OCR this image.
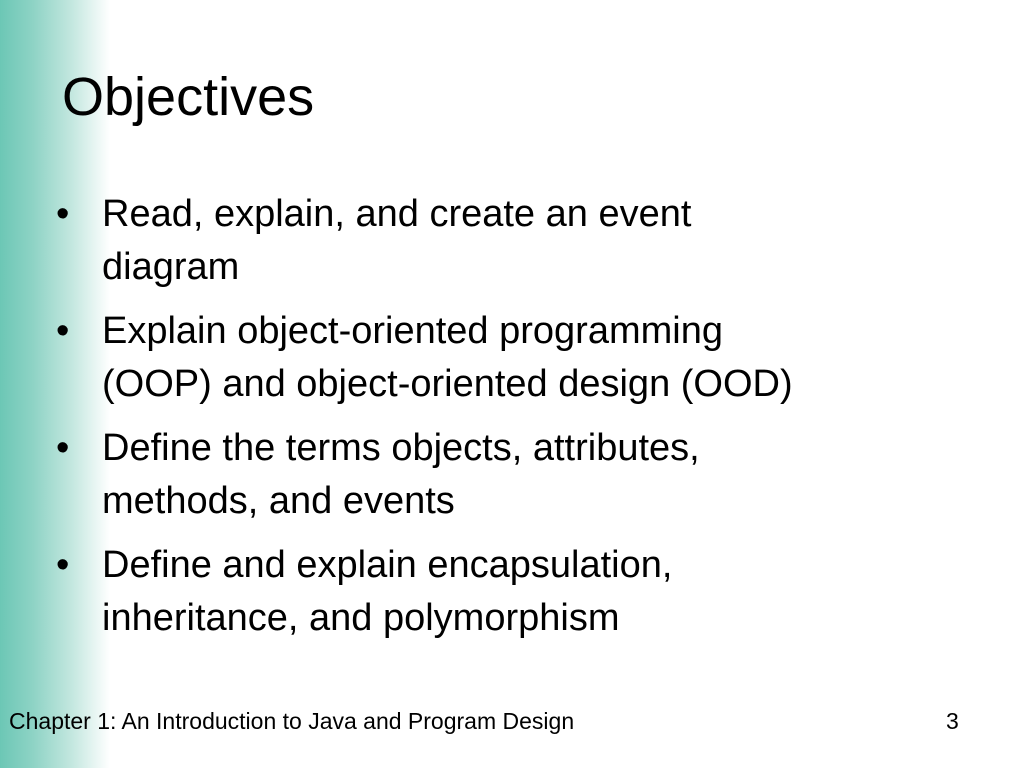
Objectives
• Read, explain, and create an event
diagram
• Explain object-oriented programming
(OOP) and object-oriented design (OOD)
• Define the terms objects, attributes,
methods, and events
• Define and explain encapsulation,
inheritance, and polymorphism
Chapter 1: An Introduction to Java and Program Design	3
